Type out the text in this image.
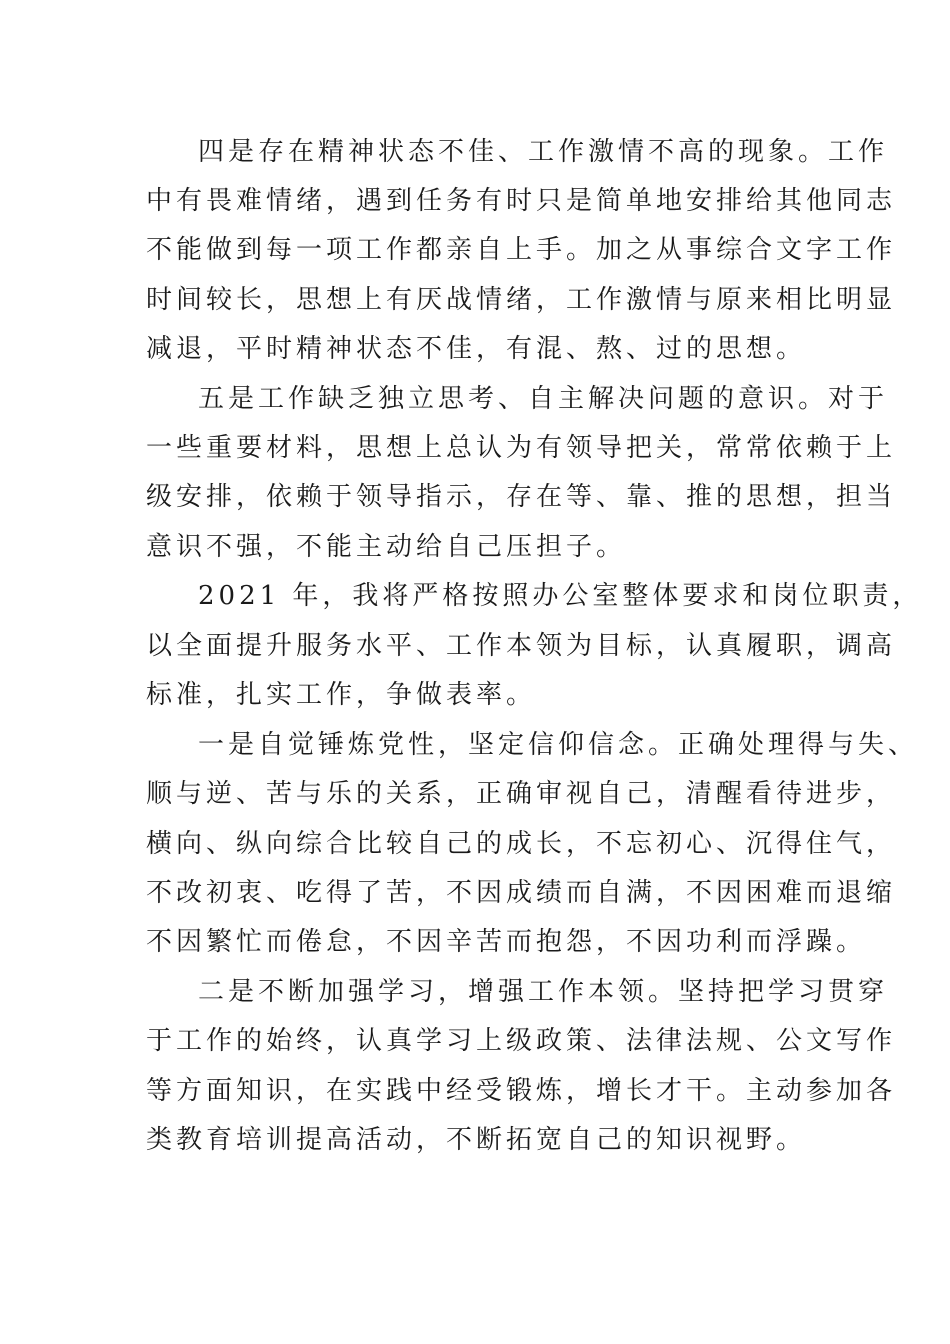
四是存在精神状态不佳、工作激情不高的现象。工作
中有畏难情绪，遇到任务有时只是简单地安排给其他同志
不能做到每一项工作都亲自上手。加之从事综合文字工作
时间较长，思想上有厌战情绪，工作激情与原来相比明显
减退，平时精神状态不佳，有混、熬、过的思想。
五是工作缺乏独立思考、自主解决问题的意识。对于
一些重要材料，思想上总认为有领导把关，常常依赖于上
级安排，依赖于领导指示，存在等、靠、推的思想，担当
意识不强，不能主动给自己压担子。
2021 年，我将严格按照办公室整体要求和岗位职责，
以全面提升服务水平、工作本领为目标，认真履职，调高
标准，扎实工作，争做表率。
一是自觉锤炼党性，坚定信仰信念。正确处理得与失、
顺与逆、苦与乐的关系，正确审视自己，清醒看待进步，
横向、纵向综合比较自己的成长，不忘初心、沉得住气，
不改初衷、吃得了苦，不因成绩而自满，不因困难而退缩
不因繁忙而倦怠，不因辛苦而抱怨，不因功利而浮躁。
二是不断加强学习，增强工作本领。坚持把学习贯穿
于工作的始终，认真学习上级政策、法律法规、公文写作
等方面知识，在实践中经受锻炼，增长才干。主动参加各
类教育培训提高活动，不断拓宽自己的知识视野。
